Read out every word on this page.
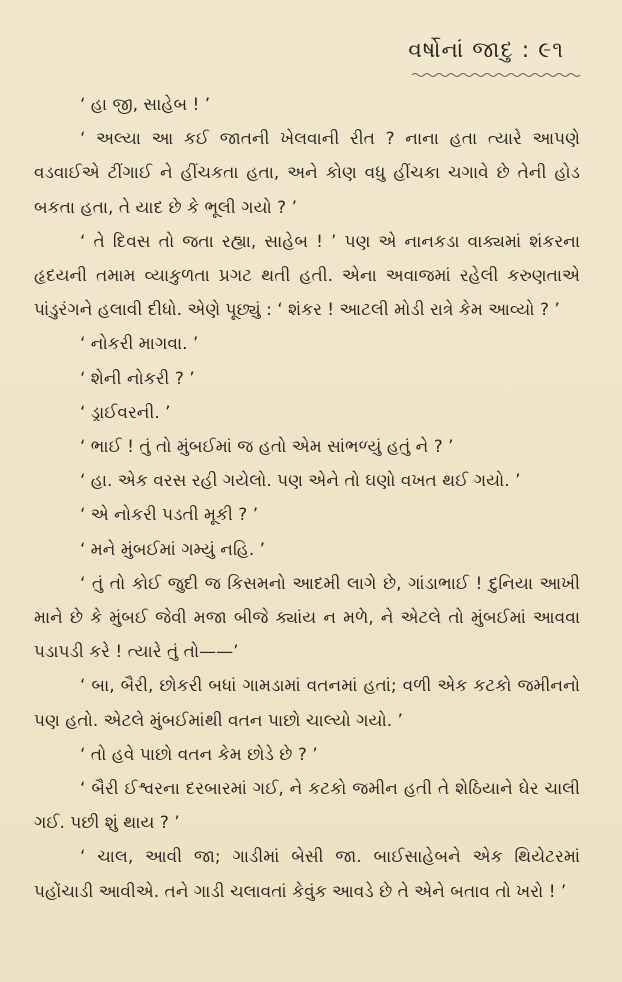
વર્ષોનાં જાદુ : ૯૧

‘ હા જી, સાહેબ ! ’

‘ અલ્યા આ કઈ જાતની ખેલવાની રીત ? નાના હતા ત્યારે આપણે વડવાઈએ ટીંગાઈ ને હીંચકતા હતા, અને કોણ વધુ હીંચકા ચગાવે છે તેની હોડ બકતા હતા, તે યાદ છે કે ભૂલી ગયો ? ’

‘ તે દિવસ તો જતા રહ્યા, સાહેબ ! ’ પણ એ નાનકડા વાક્યમાં શંકરના હૃદયની તમામ વ્યાકુળતા પ્રગટ થતી હતી. એના અવાજમાં રહેલી કરુણતાએ પાંડુરંગને હલાવી દીધો. એણે પૂછ્યું : ‘ શંકર ! આટલી મોડી રાત્રે કેમ આવ્યો ? ’

‘ નોકરી માગવા. ’

‘ શેની નોકરી ? ’

‘ ડ્રાઈવરની. ’

‘ ભાઈ ! તું તો મુંબઈમાં જ હતો એમ સાંભળ્યું હતું ને ? ’

‘ હા. એક વરસ રહી ગયેલો. પણ એને તો ઘણો વખત થઈ ગયો. ’

‘ એ નોકરી પડતી મૂકી ? ’

‘ મને મુંબઈમાં ગમ્યું નહિ. ’

‘ તું તો કોઈ જુદી જ કિસમનો આદમી લાગે છે, ગાંડાભાઈ ! દુનિયા આખી માને છે કે મુંબઈ જેવી મજા બીજે ક્યાંય ન મળે, ને એટલે તો મુંબઈમાં આવવા પડાપડી કરે ! ત્યારે તું તો——’

‘ બા, બૈરી, છોકરી બધાં ગામડામાં વતનમાં હતાં; વળી એક કટકો જમીનનો પણ હતો. એટલે મુંબઈમાંથી વતન પાછો ચાલ્યો ગયો. ’

‘ તો હવે પાછો વતન કેમ છોડે છે ? ’

‘ બૈરી ઈશ્વરના દરબારમાં ગઈ, ને કટકો જમીન હતી તે શેઠિયાને ઘેર ચાલી ગઈ. પછી શું થાય ? ’

‘ ચાલ, આવી જા; ગાડીમાં બેસી જા. બાઈસાહેબને એક થિયેટરમાં પહોંચાડી આવીએ. તને ગાડી ચલાવતાં કેવુંક આવડે છે તે એને બતાવ તો ખરો ! ’
